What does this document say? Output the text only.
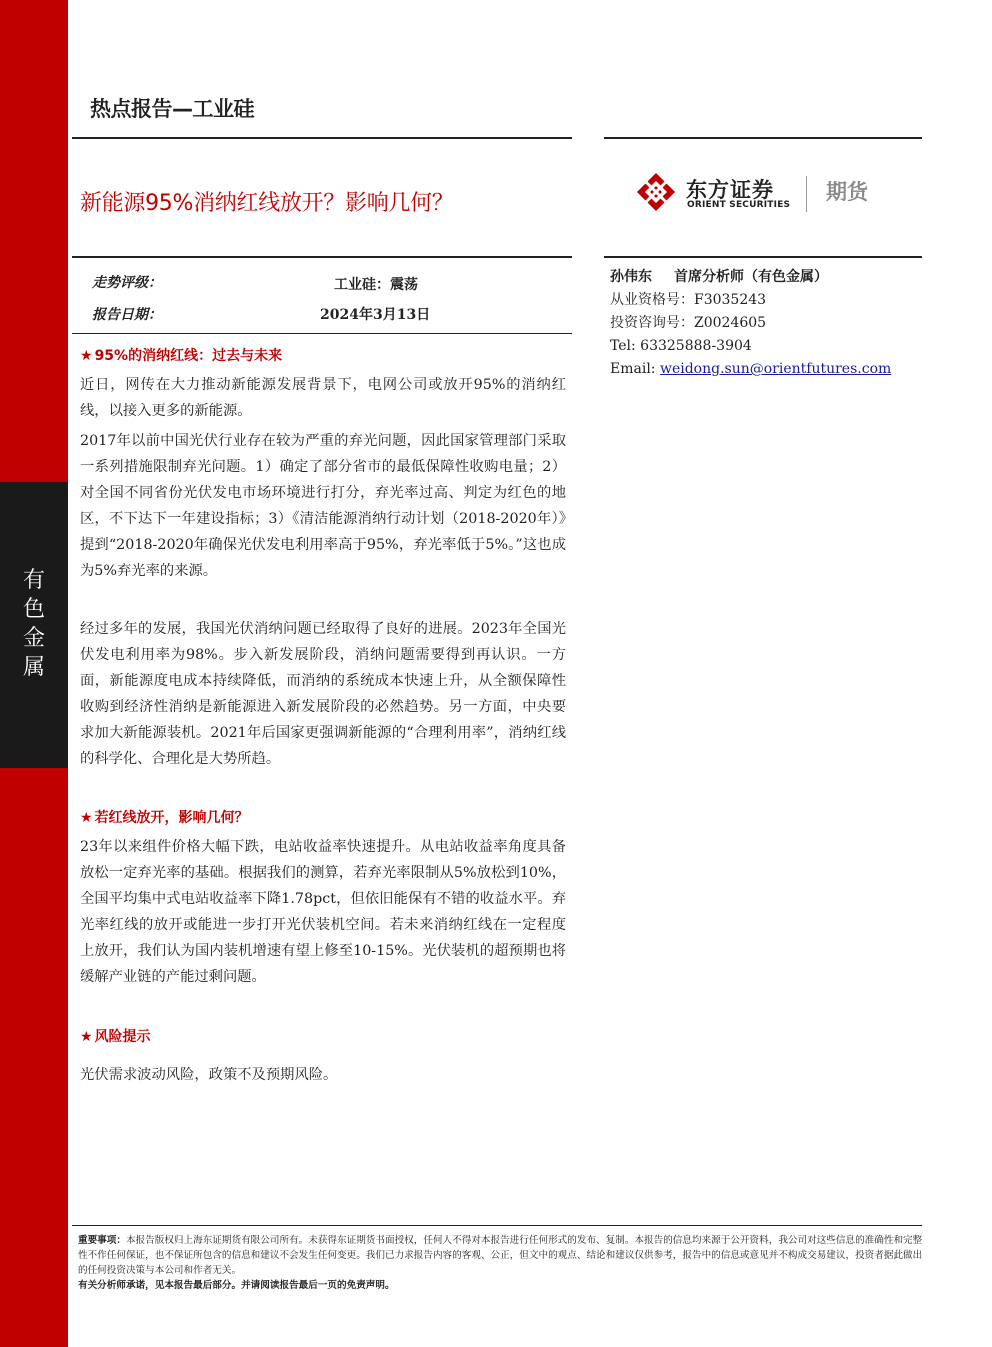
有
色
金
属
热点报告—工业硅
新能源95%消纳红线放开？影响几何？
东方证券
ORIENT SECURITIES
期货
走势评级：	工业硅：震荡
报告日期：	2024年3月13日
孙伟东 首席分析师（有色金属）
从业资格号：F3035243
投资咨询号：Z0024605
Tel: 63325888-3904
Email: weidong.sun@orientfutures.com
★ 95%的消纳红线：过去与未来
近日，网传在大力推动新能源发展背景下，电网公司或放开95%的消纳红线，以接入更多的新能源。
2017年以前中国光伏行业存在较为严重的弃光问题，因此国家管理部门采取一系列措施限制弃光问题。1）确定了部分省市的最低保障性收购电量；2）对全国不同省份光伏发电市场环境进行打分，弃光率过高、判定为红色的地区，不下达下一年建设指标；3）《清洁能源消纳行动计划（2018-2020年）》提到“2018-2020年确保光伏发电利用率高于95%，弃光率低于5%。”这也成为5%弃光率的来源。
经过多年的发展，我国光伏消纳问题已经取得了良好的进展。2023年全国光伏发电利用率为98%。步入新发展阶段，消纳问题需要得到再认识。一方面，新能源度电成本持续降低，而消纳的系统成本快速上升，从全额保障性收购到经济性消纳是新能源进入新发展阶段的必然趋势。另一方面，中央要求加大新能源装机。2021年后国家更强调新能源的“合理利用率”，消纳红线的科学化、合理化是大势所趋。
★ 若红线放开，影响几何？
23年以来组件价格大幅下跌，电站收益率快速提升。从电站收益率角度具备放松一定弃光率的基础。根据我们的测算，若弃光率限制从5%放松到10%，全国平均集中式电站收益率下降1.78pct，但依旧能保有不错的收益水平。弃光率红线的放开或能进一步打开光伏装机空间。若未来消纳红线在一定程度上放开，我们认为国内装机增速有望上修至10-15%。光伏装机的超预期也将缓解产业链的产能过剩问题。
★ 风险提示
光伏需求波动风险，政策不及预期风险。
重要事项：本报告版权归上海东证期货有限公司所有。未获得东证期货书面授权，任何人不得对本报告进行任何形式的发布、复制。本报告的信息均来源于公开资料，我公司对这些信息的准确性和完整性不作任何保证，也不保证所包含的信息和建议不会发生任何变更。我们已力求报告内容的客观、公正，但文中的观点、结论和建议仅供参考，报告中的信息或意见并不构成交易建议，投资者据此做出的任何投资决策与本公司和作者无关。
有关分析师承诺，见本报告最后部分。并请阅读报告最后一页的免责声明。
